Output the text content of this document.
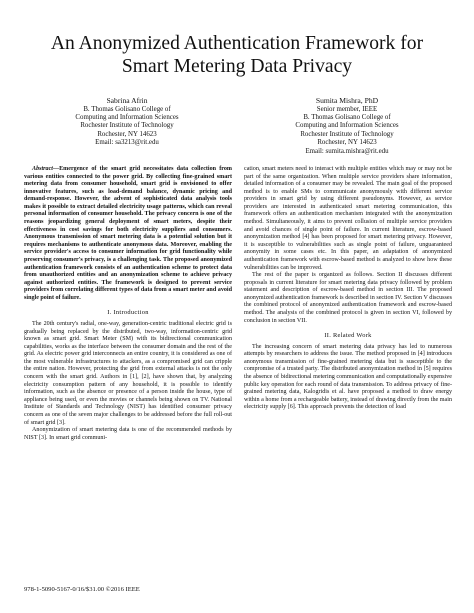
An Anonymized Authentication Framework for
Smart Metering Data Privacy
Sabrina Afrin
B. Thomas Golisano College of
Computing and Information Sciences
Rochester Institute of Technology
Rochester, NY 14623
Email: sa3213@rit.edu
Sumita Mishra, PhD
Senior member, IEEE
B. Thomas Golisano College of
Computing and Information Sciences
Rochester Institute of Technology
Rochester, NY 14623
Email: sumita.mishra@rit.edu

Abstract—Emergence of the smart grid necessitates data collection from various entities connected to the power grid. By collecting fine-grained smart metering data from consumer household, smart grid is envisioned to offer innovative features, such as load-demand balance, dynamic pricing and demand-response. However, the advent of sophisticated data analysis tools makes it possible to extract detailed electricity usage patterns, which can reveal personal information of consumer household. The privacy concern is one of the reasons jeopardizing general deployment of smart meters, despite their effectiveness in cost savings for both electricity suppliers and consumers. Anonymous transmission of smart metering data is a potential solution but it requires mechanisms to authenticate anonymous data. Moreover, enabling the service provider's access to consumer information for grid functionality while preserving consumer's privacy, is a challenging task. The proposed anonymized authentication framework consists of an authentication scheme to protect data from unauthorized entities and an anonymization scheme to achieve privacy against authorized entities. The framework is designed to prevent service providers from correlating different types of data from a smart meter and avoid single point of failure.

I. Introduction

The 20th century's radial, one-way, generation-centric traditional electric grid is gradually being replaced by the distributed, two-way, information-centric grid known as smart grid. Smart Meter (SM) with its bidirectional communication capabilities, works as the interface between the consumer domain and the rest of the grid. As electric power grid interconnects an entire country, it is considered as one of the most vulnerable infrastructures to attackers, as a compromised grid can cripple the entire nation. However, protecting the grid from external attacks is not the only concern with the smart grid. Authors in [1], [2], have shown that, by analyzing electricity consumption pattern of any household, it is possible to identify information, such as the absence or presence of a person inside the house, type of appliance being used, or even the movies or channels being shown on TV. National Institute of Standards and Technology (NIST) has identified consumer privacy concern as one of the seven major challenges to be addressed before the full roll-out of smart grid [3].

Anonymization of smart metering data is one of the recommended methods by NIST [3]. In smart grid communi-

cation, smart meters need to interact with multiple entities which may or may not be part of the same organization. When multiple service providers share information, detailed information of a consumer may be revealed. The main goal of the proposed method is to enable SMs to communicate anonymously with different service providers in smart grid by using different pseudonyms. However, as service providers are interested in authenticated smart metering communication, this framework offers an authentication mechanism integrated with the anonymization method. Simultaneously, it aims to prevent collusion of multiple service providers and avoid chances of single point of failure. In current literature, escrow-based anonymization method [4] has been proposed for smart metering privacy. However, it is susceptible to vulnerabilities such as single point of failure, unguaranteed anonymity in some cases etc. In this paper, an adaptation of anonymized authentication framework with escrow-based method is analyzed to show how these vulnerabilities can be improved.

The rest of the paper is organized as follows. Section II discusses different proposals in current literature for smart metering data privacy followed by problem statement and description of escrow-based method in section III. The proposed anonymized authentication framework is described in section IV. Section V discusses the combined protocol of anonymized authentication framework and escrow-based method. The analysis of the combined protocol is given in section VI, followed by conclusion in section VII.

II. Related Work

The increasing concern of smart metering data privacy has led to numerous attempts by researchers to address the issue. The method proposed in [4] introduces anonymous transmission of fine-grained metering data but is susceptible to the compromise of a trusted party. The distributed anonymization method in [5] requires the absence of bidirectional metering communication and computationally expensive public key operation for each round of data transmission. To address privacy of fine-grained metering data, Kalogridis et al. have proposed a method to draw energy within a home from a rechargeable battery, instead of drawing directly from the main electricity supply [6]. This approach prevents the detection of load

978-1-5090-5167-0/16/$31.00 ©2016 IEEE
